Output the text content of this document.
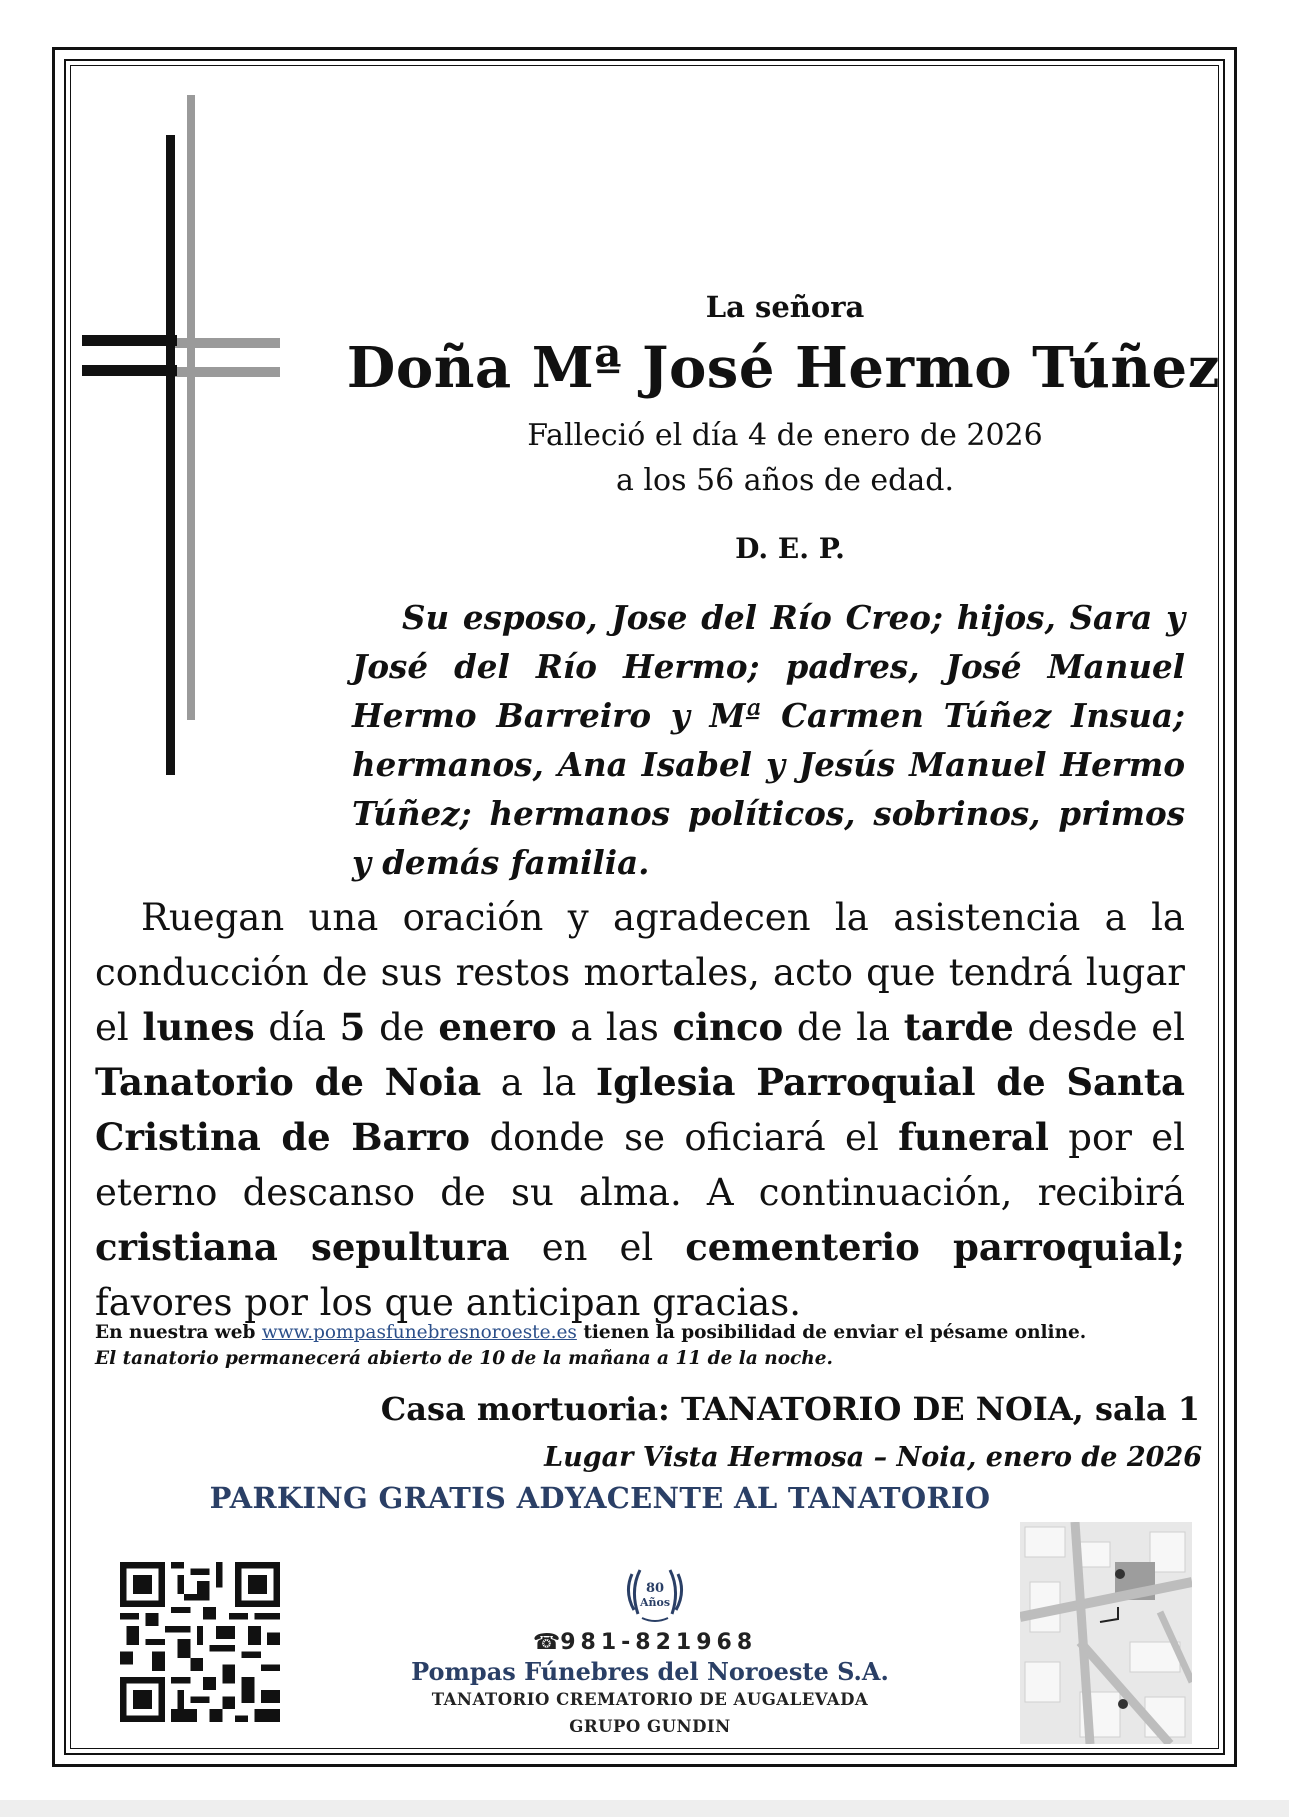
La señora
Doña Mª José Hermo Túñez
Falleció el día 4 de enero de 2026
a los 56 años de edad.
D. E. P.
Su esposo, Jose del Río Creo; hijos, Sara y José del Río Hermo; padres, José Manuel Hermo Barreiro y Mª Carmen Túñez Insua; hermanos, Ana Isabel y Jesús Manuel Hermo Túñez; hermanos políticos, sobrinos, primos y demás familia.
Ruegan una oración y agradecen la asistencia a la conducción de sus restos mortales, acto que tendrá lugar el lunes día 5 de enero a las cinco de la tarde desde el Tanatorio de Noia a la Iglesia Parroquial de Santa Cristina de Barro donde se oficiará el funeral por el eterno descanso de su alma. A continuación, recibirá cristiana sepultura en el cementerio parroquial; favores por los que anticipan gracias.
En nuestra web www.pompasfunebresnoroeste.es tienen la posibilidad de enviar el pésame online.
El tanatorio permanecerá abierto de 10 de la mañana a 11 de la noche.
Casa mortuoria: TANATORIO DE NOIA, sala 1
Lugar Vista Hermosa – Noia, enero de 2026
PARKING GRATIS ADYACENTE AL TANATORIO
80
Años
☎981-821968
Pompas Fúnebres del Noroeste S.A.
TANATORIO CREMATORIO DE AUGALEVADA
GRUPO GUNDIN
